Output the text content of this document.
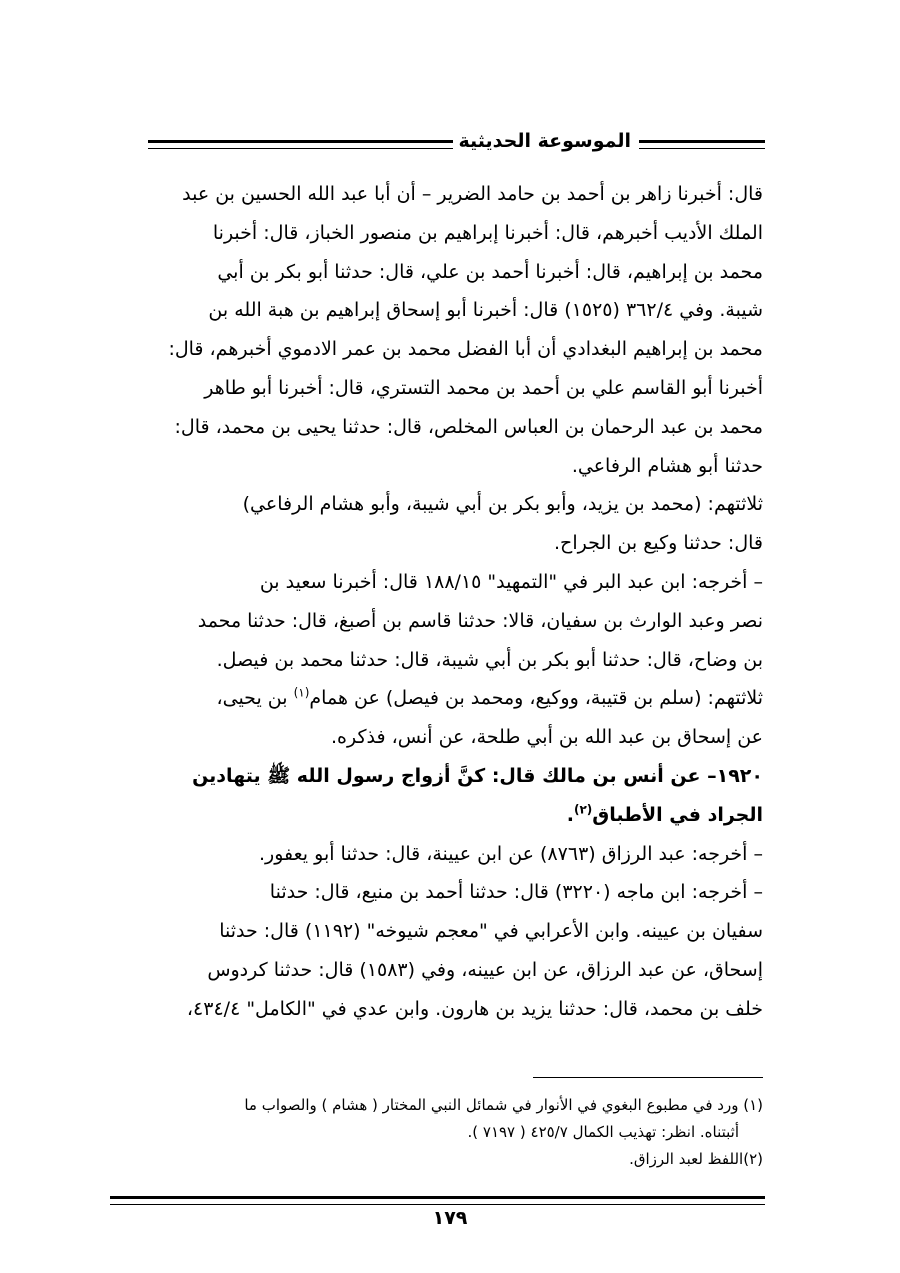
الموسوعة الحديثية

قال: أخبرنا زاهر بن أحمد بن حامد الضرير – أن أبا عبد الله الحسين بن عبد

الملك الأديب أخبرهم، قال: أخبرنا إبراهيم بن منصور الخباز، قال: أخبرنا

محمد بن إبراهيم، قال: أخبرنا أحمد بن علي، قال: حدثنا أبو بكر بن أبي

شيبة. وفي ٣٦٢/٤ (١٥٢٥) قال: أخبرنا أبو إسحاق إبراهيم بن هبة الله بن

محمد بن إبراهيم البغدادي أن أبا الفضل محمد بن عمر الادموي أخبرهم، قال:

أخبرنا أبو القاسم علي بن أحمد بن محمد التستري، قال: أخبرنا أبو طاهر

محمد بن عبد الرحمان بن العباس المخلص، قال: حدثنا يحيى بن محمد، قال:

حدثنا أبو هشام الرفاعي.

ثلاثتهم: (محمد بن يزيد، وأبو بكر بن أبي شيبة، وأبو هشام الرفاعي)

قال: حدثنا وكيع بن الجراح.

– أخرجه: ابن عبد البر في "التمهيد" ١٨٨/١٥ قال: أخبرنا سعيد بن

نصر وعبد الوارث بن سفيان، قالا: حدثنا قاسم بن أصبغ، قال: حدثنا محمد

بن وضاح، قال: حدثنا أبو بكر بن أبي شيبة، قال: حدثنا محمد بن فيصل.

ثلاثتهم: (سلم بن قتيبة، ووكيع، ومحمد بن فيصل) عن همام$^{(١)}$ بن يحيى،

عن إسحاق بن عبد الله بن أبي طلحة، عن أنس، فذكره.

١٩٢٠– عن أنس بن مالك قال: كنَّ أزواج رسول الله ﷺ يتهادين

الجراد في الأطباق$^{(٢)}$.

– أخرجه: عبد الرزاق (٨٧٦٣) عن ابن عيينة، قال: حدثنا أبو يعفور.

– أخرجه: ابن ماجه (٣٢٢٠) قال: حدثنا أحمد بن منيع، قال: حدثنا

سفيان بن عيينه. وابن الأعرابي في "معجم شيوخه" (١١٩٢) قال: حدثنا

إسحاق، عن عبد الرزاق، عن ابن عيينه، وفي (١٥٨٣) قال: حدثنا كردوس

خلف بن محمد، قال: حدثنا يزيد بن هارون. وابن عدي في "الكامل" ٤٣٤/٤،

(١) ورد في مطبوع البغوي في الأنوار في شمائل النبي المختار ( هشام ) والصواب ما

أثبتناه. انظر: تهذيب الكمال ٤٢٥/٧ ( ٧١٩٧ ).

(٢)اللفظ لعبد الرزاق.

١٧٩
